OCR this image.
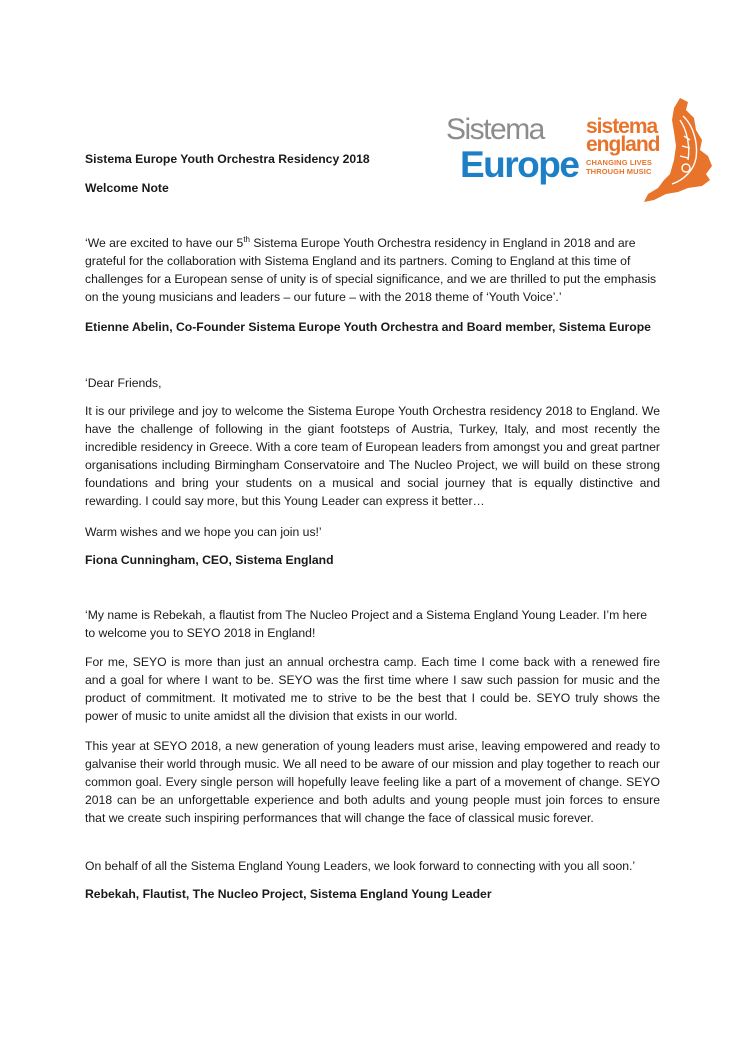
Sistema
Europe
sistema
england
CHANGING LIVES
THROUGH MUSIC
Sistema Europe Youth Orchestra Residency 2018
Welcome Note
‘We are excited to have our 5th Sistema Europe Youth Orchestra residency in England in 2018 and are grateful for the collaboration with Sistema England and its partners. Coming to England at this time of challenges for a European sense of unity is of special significance, and we are thrilled to put the emphasis on the young musicians and leaders – our future – with the 2018 theme of ‘Youth Voice’.’
Etienne Abelin, Co-Founder Sistema Europe Youth Orchestra and Board member, Sistema Europe
‘Dear Friends,
It is our privilege and joy to welcome the Sistema Europe Youth Orchestra residency 2018 to England. We have the challenge of following in the giant footsteps of Austria, Turkey, Italy, and most recently the incredible residency in Greece. With a core team of European leaders from amongst you and great partner organisations including Birmingham Conservatoire and The Nucleo Project, we will build on these strong foundations and bring your students on a musical and social journey that is equally distinctive and rewarding. I could say more, but this Young Leader can express it better…
Warm wishes and we hope you can join us!’
Fiona Cunningham, CEO, Sistema England
‘My name is Rebekah, a flautist from The Nucleo Project and a Sistema England Young Leader. I’m here to welcome you to SEYO 2018 in England!
For me, SEYO is more than just an annual orchestra camp. Each time I come back with a renewed fire and a goal for where I want to be. SEYO was the first time where I saw such passion for music and the product of commitment. It motivated me to strive to be the best that I could be. SEYO truly shows the power of music to unite amidst all the division that exists in our world.
This year at SEYO 2018, a new generation of young leaders must arise, leaving empowered and ready to galvanise their world through music. We all need to be aware of our mission and play together to reach our common goal. Every single person will hopefully leave feeling like a part of a movement of change. SEYO 2018 can be an unforgettable experience and both adults and young people must join forces to ensure that we create such inspiring performances that will change the face of classical music forever.
On behalf of all the Sistema England Young Leaders, we look forward to connecting with you all soon.’
Rebekah, Flautist, The Nucleo Project, Sistema England Young Leader
